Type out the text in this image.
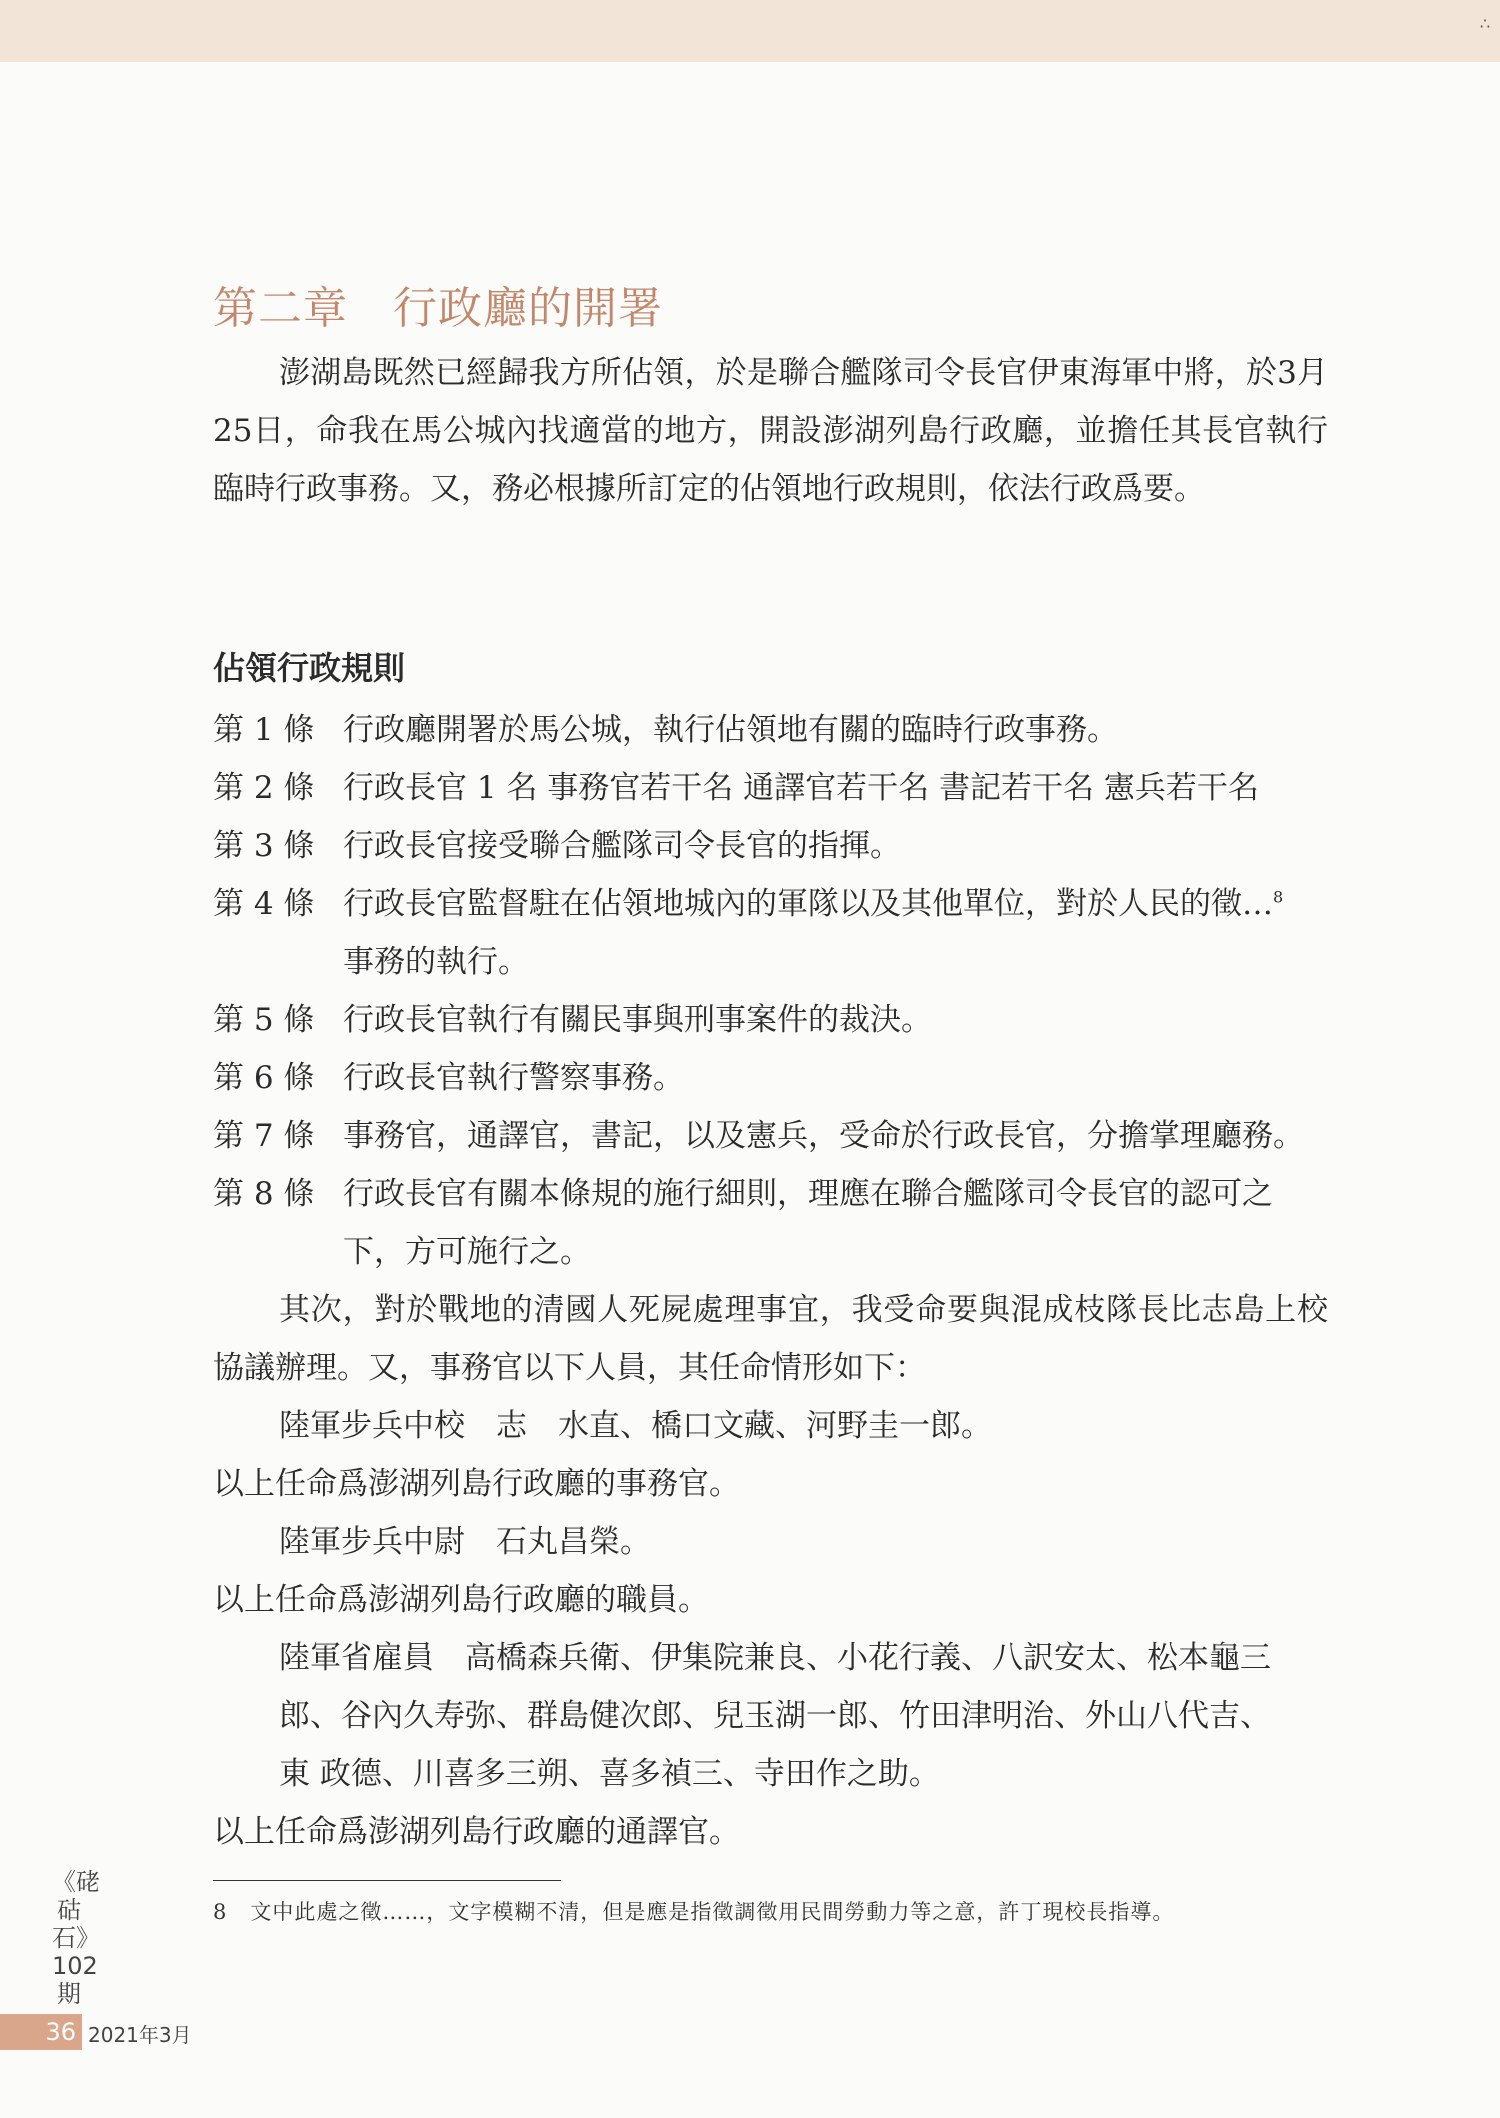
∴
第二章　行政廳的開署

澎湖島既然已經歸我方所佔領，於是聯合艦隊司令長官伊東海軍中將，於3月25日，命我在馬公城內找適當的地方，開設澎湖列島行政廳，並擔任其長官執行臨時行政事務。又，務必根據所訂定的佔領地行政規則，依法行政爲要。

佔領行政規則
第 1 條 行政廳開署於馬公城，執行佔領地有關的臨時行政事務。
第 2 條 行政長官 1 名 事務官若干名 通譯官若干名 書記若干名 憲兵若干名
第 3 條 行政長官接受聯合艦隊司令長官的指揮。
第 4 條 行政長官監督駐在佔領地城內的軍隊以及其他單位，對於人民的徵…$^8$
事務的執行。
第 5 條 行政長官執行有關民事與刑事案件的裁決。
第 6 條 行政長官執行警察事務。
第 7 條 事務官，通譯官，書記，以及憲兵，受命於行政長官，分擔掌理廳務。
第 8 條 行政長官有關本條規的施行細則，理應在聯合艦隊司令長官的認可之下，方可施行之。

其次，對於戰地的清國人死屍處理事宜，我受命要與混成枝隊長比志島上校協議辦理。又，事務官以下人員，其任命情形如下：

陸軍步兵中校　志　水直、橋口文藏、河野圭一郎。
以上任命爲澎湖列島行政廳的事務官。
陸軍步兵中尉　石丸昌榮。
以上任命爲澎湖列島行政廳的職員。
陸軍省雇員　高橋森兵衛、伊集院兼良、小花行義、八訳安太、松本龜三
郎、谷內久寿弥、群島健次郎、兒玉湖一郎、竹田津明治、外山八代吉、
東 政德、川喜多三朔、喜多禎三、寺田作之助。
以上任命爲澎湖列島行政廳的通譯官。
8 文中此處之徵……，文字模糊不清，但是應是指徵調徵用民間勞動力等之意，許丁現校長指導。
《硓𥑮石》102期
36 2021年3月
